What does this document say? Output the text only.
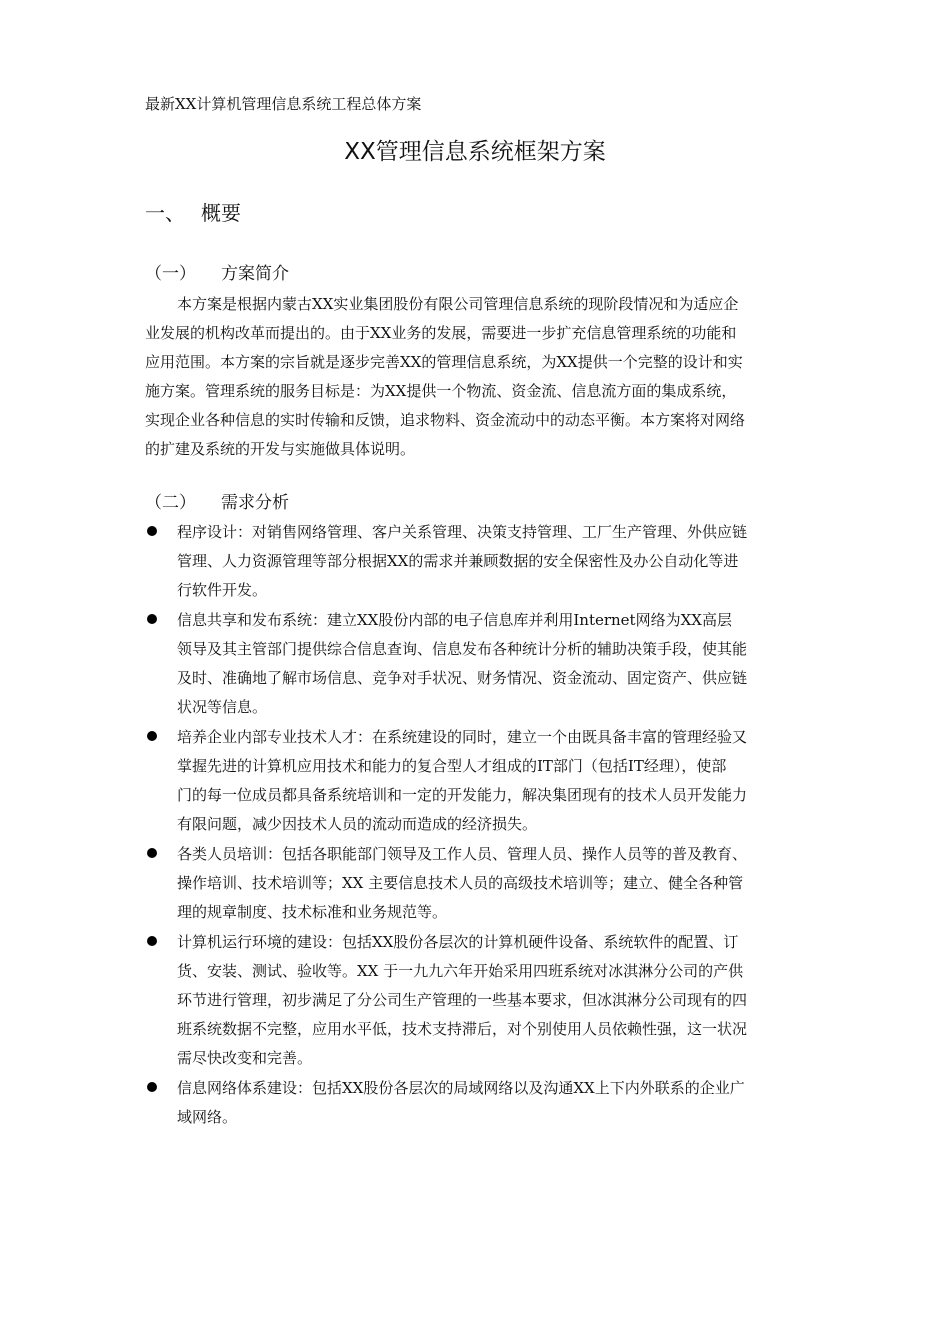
最新XX计算机管理信息系统工程总体方案
XX管理信息系统框架方案
一、 概要
（一） 方案简介
本方案是根据内蒙古XX实业集团股份有限公司管理信息系统的现阶段情况和为适应企
业发展的机构改革而提出的。由于XX业务的发展，需要进一步扩充信息管理系统的功能和
应用范围。本方案的宗旨就是逐步完善XX的管理信息系统，为XX提供一个完整的设计和实
施方案。管理系统的服务目标是：为XX提供一个物流、资金流、信息流方面的集成系统，
实现企业各种信息的实时传输和反馈，追求物料、资金流动中的动态平衡。本方案将对网络
的扩建及系统的开发与实施做具体说明。
（二） 需求分析
程序设计：对销售网络管理、客户关系管理、决策支持管理、工厂生产管理、外供应链
管理、人力资源管理等部分根据XX的需求并兼顾数据的安全保密性及办公自动化等进
行软件开发。
信息共享和发布系统：建立XX股份内部的电子信息库并利用Internet网络为XX高层
领导及其主管部门提供综合信息查询、信息发布各种统计分析的辅助决策手段，使其能
及时、准确地了解市场信息、竞争对手状况、财务情况、资金流动、固定资产、供应链
状况等信息。
培养企业内部专业技术人才：在系统建设的同时，建立一个由既具备丰富的管理经验又
掌握先进的计算机应用技术和能力的复合型人才组成的IT部门（包括IT经理），使部
门的每一位成员都具备系统培训和一定的开发能力，解决集团现有的技术人员开发能力
有限问题，减少因技术人员的流动而造成的经济损失。
各类人员培训：包括各职能部门领导及工作人员、管理人员、操作人员等的普及教育、
操作培训、技术培训等；XX 主要信息技术人员的高级技术培训等；建立、健全各种管
理的规章制度、技术标准和业务规范等。
计算机运行环境的建设：包括XX股份各层次的计算机硬件设备、系统软件的配置、订
货、安装、测试、验收等。XX 于一九九六年开始采用四班系统对冰淇淋分公司的产供
环节进行管理，初步满足了分公司生产管理的一些基本要求，但冰淇淋分公司现有的四
班系统数据不完整，应用水平低，技术支持滞后，对个别使用人员依赖性强，这一状况
需尽快改变和完善。
信息网络体系建设：包括XX股份各层次的局域网络以及沟通XX上下内外联系的企业广
域网络。
